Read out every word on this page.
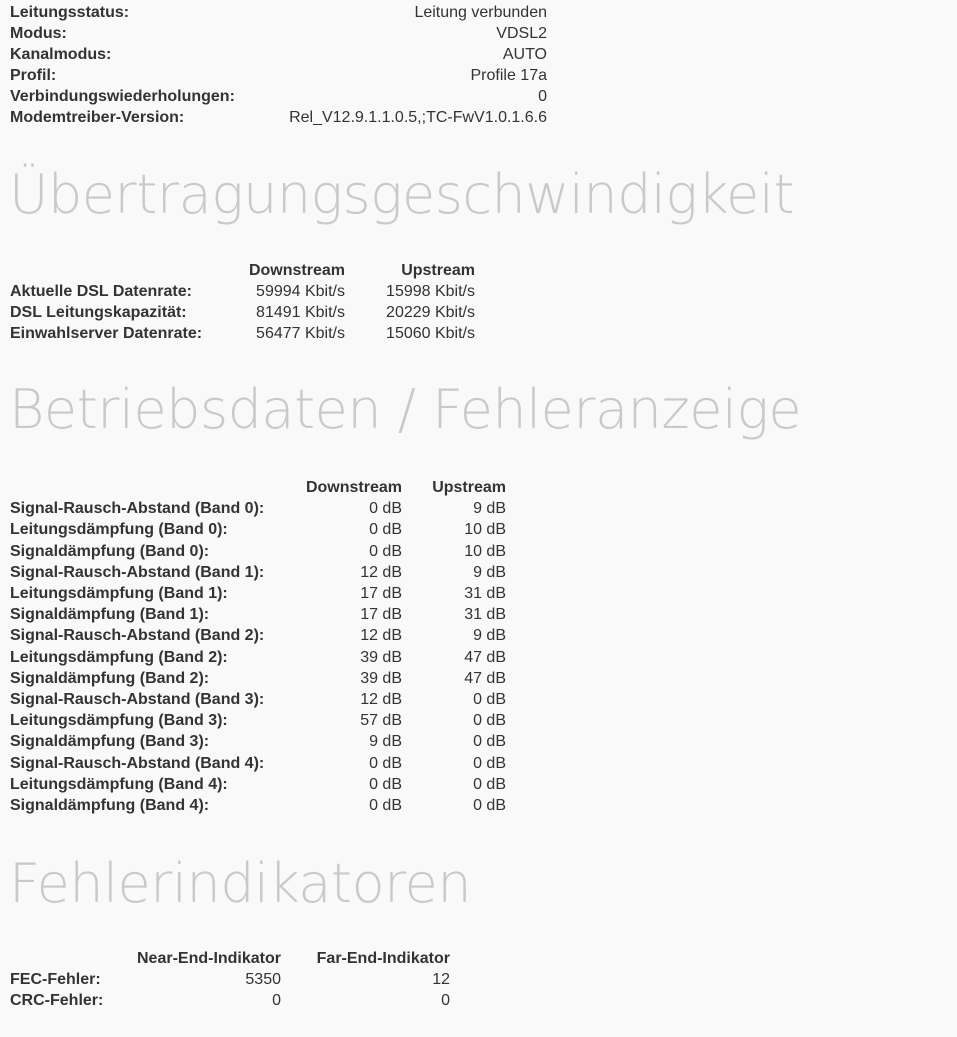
Leitungsstatus:	Leitung verbunden
Modus:	VDSL2
Kanalmodus:	AUTO
Profil:	Profile 17a
Verbindungswiederholungen:	0
Modemtreiber-Version:	Rel_V12.9.1.1.0.5,;TC-FwV1.0.1.6.6
Übertragungsgeschwindigkeit
	Downstream	Upstream
Aktuelle DSL Datenrate:	59994 Kbit/s	15998 Kbit/s
DSL Leitungskapazität:	81491 Kbit/s	20229 Kbit/s
Einwahlserver Datenrate:	56477 Kbit/s	15060 Kbit/s
Betriebsdaten / Fehleranzeige
	Downstream	Upstream
Signal-Rausch-Abstand (Band 0):	0 dB	9 dB
Leitungsdämpfung (Band 0):	0 dB	10 dB
Signaldämpfung (Band 0):	0 dB	10 dB
Signal-Rausch-Abstand (Band 1):	12 dB	9 dB
Leitungsdämpfung (Band 1):	17 dB	31 dB
Signaldämpfung (Band 1):	17 dB	31 dB
Signal-Rausch-Abstand (Band 2):	12 dB	9 dB
Leitungsdämpfung (Band 2):	39 dB	47 dB
Signaldämpfung (Band 2):	39 dB	47 dB
Signal-Rausch-Abstand (Band 3):	12 dB	0 dB
Leitungsdämpfung (Band 3):	57 dB	0 dB
Signaldämpfung (Band 3):	9 dB	0 dB
Signal-Rausch-Abstand (Band 4):	0 dB	0 dB
Leitungsdämpfung (Band 4):	0 dB	0 dB
Signaldämpfung (Band 4):	0 dB	0 dB
Fehlerindikatoren
	Near-End-Indikator	Far-End-Indikator
FEC-Fehler:	5350	12
CRC-Fehler:	0	0
